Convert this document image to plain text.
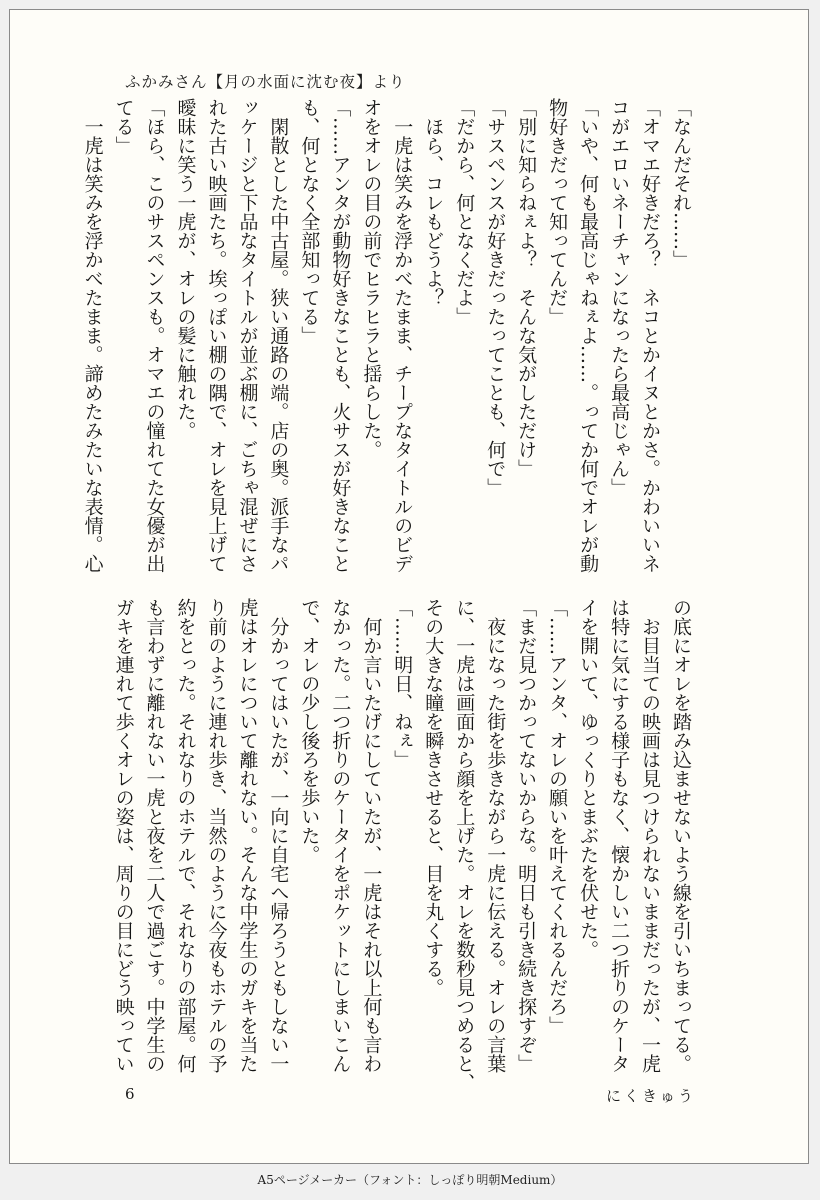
ふかみさん【月の水面に沈む夜】より
「なんだそれ……」
「オマエ好きだろ？　ネコとかイヌとかさ。かわいいネ
コがエロいネーチャンになったら最高じゃん」
「いや、何も最高じゃねぇよ……。ってか何でオレが動
物好きだって知ってんだ」
「別に知らねぇよ？　そんな気がしただけ」
「サスペンスが好きだったってことも、何で」
「だから、何となくだよ」
　ほら、コレもどうよ？
　一虎は笑みを浮かべたまま、チープなタイトルのビデ
オをオレの目の前でヒラヒラと揺らした。
「……アンタが動物好きなことも、火サスが好きなこと
も、何となく全部知ってる」
　閑散とした中古屋。狭い通路の端。店の奥。派手なパ
ッケージと下品なタイトルが並ぶ棚に、ごちゃ混ぜにさ
れた古い映画たち。埃っぽい棚の隅で、オレを見上げて
曖昧に笑う一虎が、オレの髪に触れた。
「ほら、このサスペンスも。オマエの憧れてた女優が出
てる」
　一虎は笑みを浮かべたまま。諦めたみたいな表情。心
の底にオレを踏み込ませないよう線を引いちまってる。
　お目当ての映画は見つけられないままだったが、一虎
は特に気にする様子もなく、懐かしい二つ折りのケータ
イを開いて、ゆっくりとまぶたを伏せた。
「……アンタ、オレの願いを叶えてくれるんだろ」
「まだ見つかってないからな。明日も引き続き探すぞ」
　夜になった街を歩きながら一虎に伝える。オレの言葉
に、一虎は画面から顔を上げた。オレを数秒見つめると、
その大きな瞳を瞬きさせると、目を丸くする。
「……明日、ねぇ」
　何か言いたげにしていたが、一虎はそれ以上何も言わ
なかった。二つ折りのケータイをポケットにしまいこん
で、オレの少し後ろを歩いた。
　分かってはいたが、一向に自宅へ帰ろうともしない一
虎はオレについて離れない。そんな中学生のガキを当た
り前のように連れ歩き、当然のように今夜もホテルの予
約をとった。それなりのホテルで、それなりの部屋。何
も言わずに離れない一虎と夜を二人で過ごす。中学生の
ガキを連れて歩くオレの姿は、周りの目にどう映ってい
6	にくきゅう
A5ページメーカー（フォント：しっぽり明朝Medium）
